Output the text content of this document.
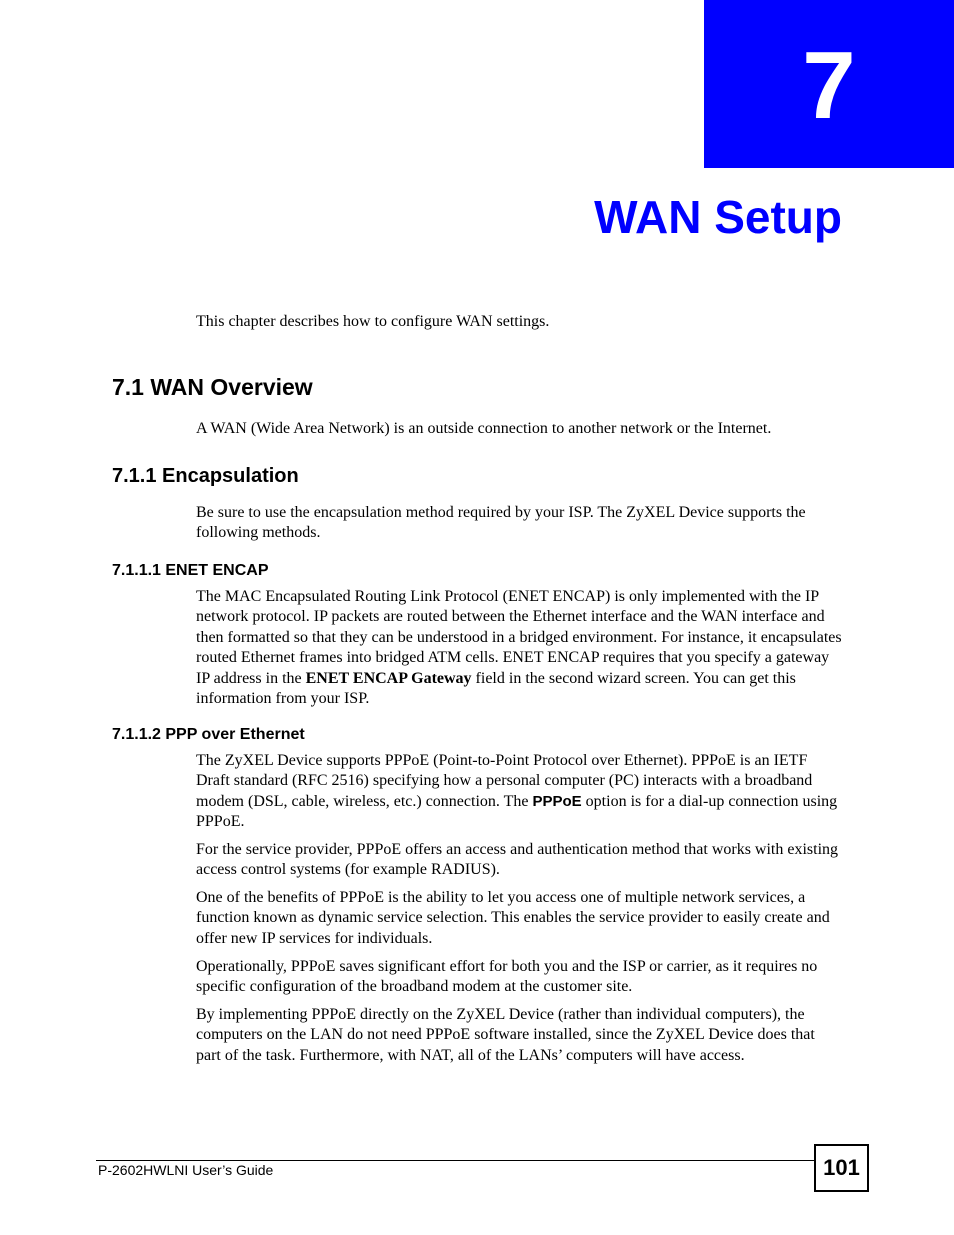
7
WAN Setup

This chapter describes how to configure WAN settings.

7.1 WAN Overview

A WAN (Wide Area Network) is an outside connection to another network or the Internet.

7.1.1 Encapsulation

Be sure to use the encapsulation method required by your ISP. The ZyXEL Device supports the following methods.

7.1.1.1 ENET ENCAP

The MAC Encapsulated Routing Link Protocol (ENET ENCAP) is only implemented with the IP network protocol. IP packets are routed between the Ethernet interface and the WAN interface and then formatted so that they can be understood in a bridged environment. For instance, it encapsulates routed Ethernet frames into bridged ATM cells. ENET ENCAP requires that you specify a gateway IP address in the ENET ENCAP Gateway field in the second wizard screen. You can get this information from your ISP.

7.1.1.2 PPP over Ethernet

The ZyXEL Device supports PPPoE (Point-to-Point Protocol over Ethernet). PPPoE is an IETF Draft standard (RFC 2516) specifying how a personal computer (PC) interacts with a broadband modem (DSL, cable, wireless, etc.) connection. The PPPoE option is for a dial-up connection using PPPoE.

For the service provider, PPPoE offers an access and authentication method that works with existing access control systems (for example RADIUS).

One of the benefits of PPPoE is the ability to let you access one of multiple network services, a function known as dynamic service selection. This enables the service provider to easily create and offer new IP services for individuals.

Operationally, PPPoE saves significant effort for both you and the ISP or carrier, as it requires no specific configuration of the broadband modem at the customer site.

By implementing PPPoE directly on the ZyXEL Device (rather than individual computers), the computers on the LAN do not need PPPoE software installed, since the ZyXEL Device does that part of the task. Furthermore, with NAT, all of the LANs’ computers will have access.

P-2602HWLNI User’s Guide	101
